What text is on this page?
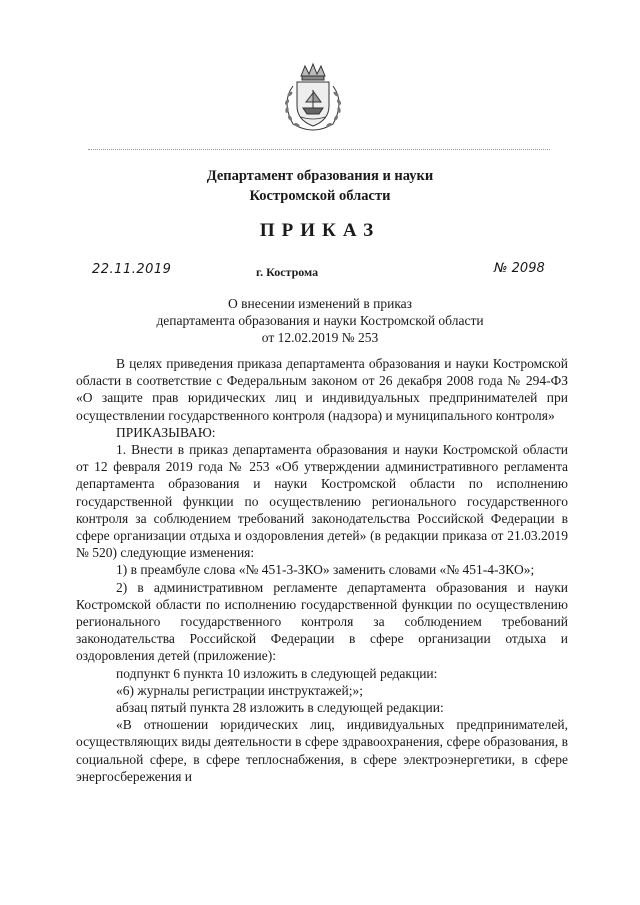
Департамент образования и науки
Костромской области
ПРИКАЗ
22.11.2019	г. Кострома	№ 2098
О внесении изменений в приказ
департамента образования и науки Костромской области
от 12.02.2019 № 253

В целях приведения приказа департамента образования и науки Костромской области в соответствие с Федеральным законом от 26 декабря 2008 года № 294-ФЗ «О защите прав юридических лиц и индивидуальных предпринимателей при осуществлении государственного контроля (надзора) и муниципального контроля»

ПРИКАЗЫВАЮ:

1. Внести в приказ департамента образования и науки Костромской области от 12 февраля 2019 года № 253 «Об утверждении административного регламента департамента образования и науки Костромской области по исполнению государственной функции по осуществлению регионального государственного контроля за соблюдением требований законодательства Российской Федерации в сфере организации отдыха и оздоровления детей» (в редакции приказа от 21.03.2019 № 520) следующие изменения:

1) в преамбуле слова «№ 451-3-ЗКО» заменить словами «№ 451-4-ЗКО»;

2) в административном регламенте департамента образования и науки Костромской области по исполнению государственной функции по осуществлению регионального государственного контроля за соблюдением требований законодательства Российской Федерации в сфере организации отдыха и оздоровления детей (приложение):

подпункт 6 пункта 10 изложить в следующей редакции:

«6) журналы регистрации инструктажей;»;

абзац пятый пункта 28 изложить в следующей редакции:

«В отношении юридических лиц, индивидуальных предпринимателей, осуществляющих виды деятельности в сфере здравоохранения, сфере образования, в социальной сфере, в сфере теплоснабжения, в сфере электроэнергетики, в сфере энергосбережения и
